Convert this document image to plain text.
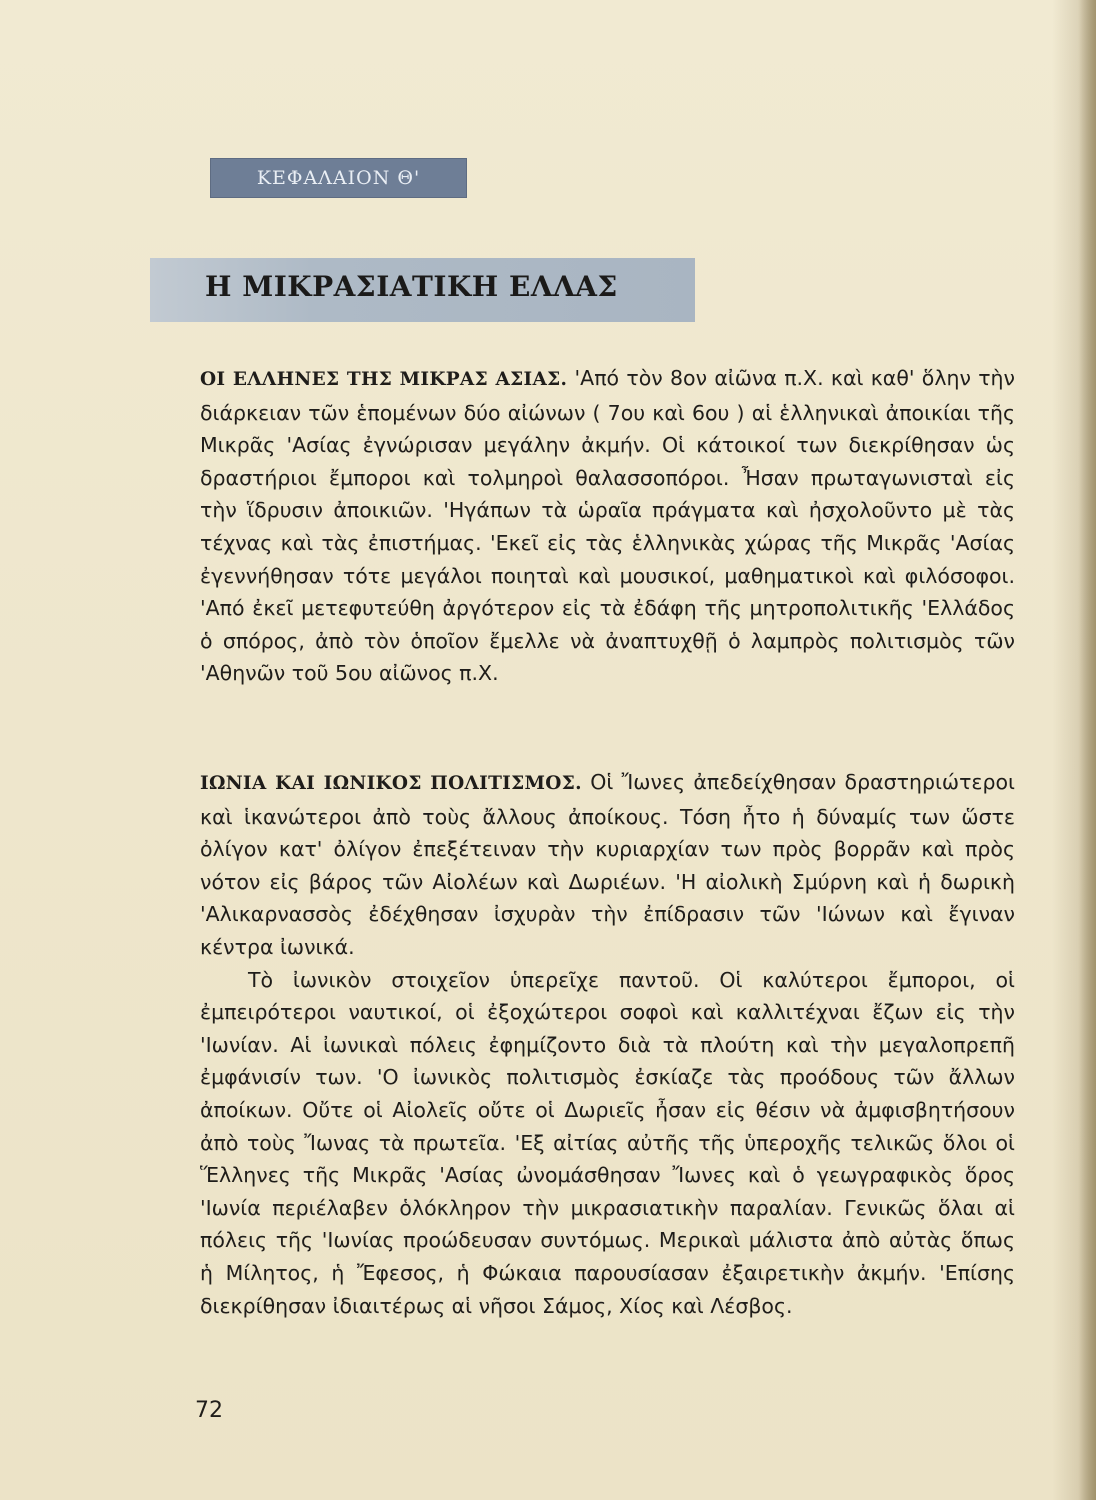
ΚΕΦΑΛΑΙΟΝ Θ'
Η ΜΙΚΡΑΣΙΑΤΙΚΗ ΕΛΛΑΣ

ΟΙ ΕΛΛΗΝΕΣ ΤΗΣ ΜΙΚΡΑΣ ΑΣΙΑΣ. 'Από τὸν 8ον αἰῶνα π.Χ. καὶ καθ' ὅλην τὴν διάρκειαν τῶν ἑπομένων δύο αἰώνων ( 7ου καὶ 6ου ) αἱ ἑλληνικαὶ ἀποικίαι τῆς Μικρᾶς 'Ασίας ἐγνώρισαν μεγάλην ἀκμήν. Οἱ κάτοικοί των διεκρίθησαν ὡς δραστήριοι ἔμποροι καὶ τολμηροὶ θαλασσοπόροι. Ἦσαν πρωταγωνισταὶ εἰς τὴν ἵδρυσιν ἀποικιῶν. 'Ηγάπων τὰ ὡραῖα πράγματα καὶ ἠσχολοῦντο μὲ τὰς τέχνας καὶ τὰς ἐπιστήμας. 'Εκεῖ εἰς τὰς ἑλληνικὰς χώρας τῆς Μικρᾶς 'Ασίας ἐγεννήθησαν τότε μεγάλοι ποιηταὶ καὶ μουσικοί, μαθηματικοὶ καὶ φιλόσοφοι. 'Από ἐκεῖ μετεφυτεύθη ἀργότερον εἰς τὰ ἐδάφη τῆς μητροπολιτικῆς 'Ελλάδος ὁ σπόρος, ἀπὸ τὸν ὁποῖον ἔμελλε νὰ ἀναπτυχθῇ ὁ λαμπρὸς πολιτισμὸς τῶν 'Αθηνῶν τοῦ 5ου αἰῶνος π.Χ.

ΙΩΝΙΑ ΚΑΙ ΙΩΝΙΚΟΣ ΠΟΛΙΤΙΣΜΟΣ. Οἱ Ἴωνες ἀπεδείχθησαν δραστηριώτεροι καὶ ἱκανώτεροι ἀπὸ τοὺς ἄλλους ἀποίκους. Τόση ἦτο ἡ δύναμίς των ὥστε ὀλίγον κατ' ὀλίγον ἐπεξέτειναν τὴν κυριαρχίαν των πρὸς βορρᾶν καὶ πρὸς νότον εἰς βάρος τῶν Αἰολέων καὶ Δωριέων. 'Η αἰολικὴ Σμύρνη καὶ ἡ δωρικὴ 'Αλικαρνασσὸς ἐδέχθησαν ἰσχυρὰν τὴν ἐπίδρασιν τῶν 'Ιώνων καὶ ἔγιναν κέντρα ἰωνικά.

Τὸ ἰωνικὸν στοιχεῖον ὑπερεῖχε παντοῦ. Οἱ καλύτεροι ἔμποροι, οἱ ἐμπειρότεροι ναυτικοί, οἱ ἐξοχώτεροι σοφοὶ καὶ καλλιτέχναι ἔζων εἰς τὴν 'Ιωνίαν. Αἱ ἰωνικαὶ πόλεις ἐφημίζοντο διὰ τὰ πλούτη καὶ τὴν μεγαλοπρεπῆ ἐμφάνισίν των. 'Ο ἰωνικὸς πολιτισμὸς ἐσκίαζε τὰς προόδους τῶν ἄλλων ἀποίκων. Οὔτε οἱ Αἰολεῖς οὔτε οἱ Δωριεῖς ἦσαν εἰς θέσιν νὰ ἀμφισβητήσουν ἀπὸ τοὺς Ἴωνας τὰ πρωτεῖα. 'Εξ αἰτίας αὐτῆς τῆς ὑπεροχῆς τελικῶς ὅλοι οἱ Ἕλληνες τῆς Μικρᾶς 'Ασίας ὠνομάσθησαν Ἴωνες καὶ ὁ γεωγραφικὸς ὅρος 'Ιωνία περιέλαβεν ὁλόκληρον τὴν μικρασιατικὴν παραλίαν. Γενικῶς ὅλαι αἱ πόλεις τῆς 'Ιωνίας προώδευσαν συντόμως. Μερικαὶ μάλιστα ἀπὸ αὐτὰς ὅπως ἡ Μίλητος, ἡ Ἔφεσος, ἡ Φώκαια παρουσίασαν ἐξαιρετικὴν ἀκμήν. 'Επίσης διεκρίθησαν ἰδιαιτέρως αἱ νῆσοι Σάμος, Χίος καὶ Λέσβος.

72
